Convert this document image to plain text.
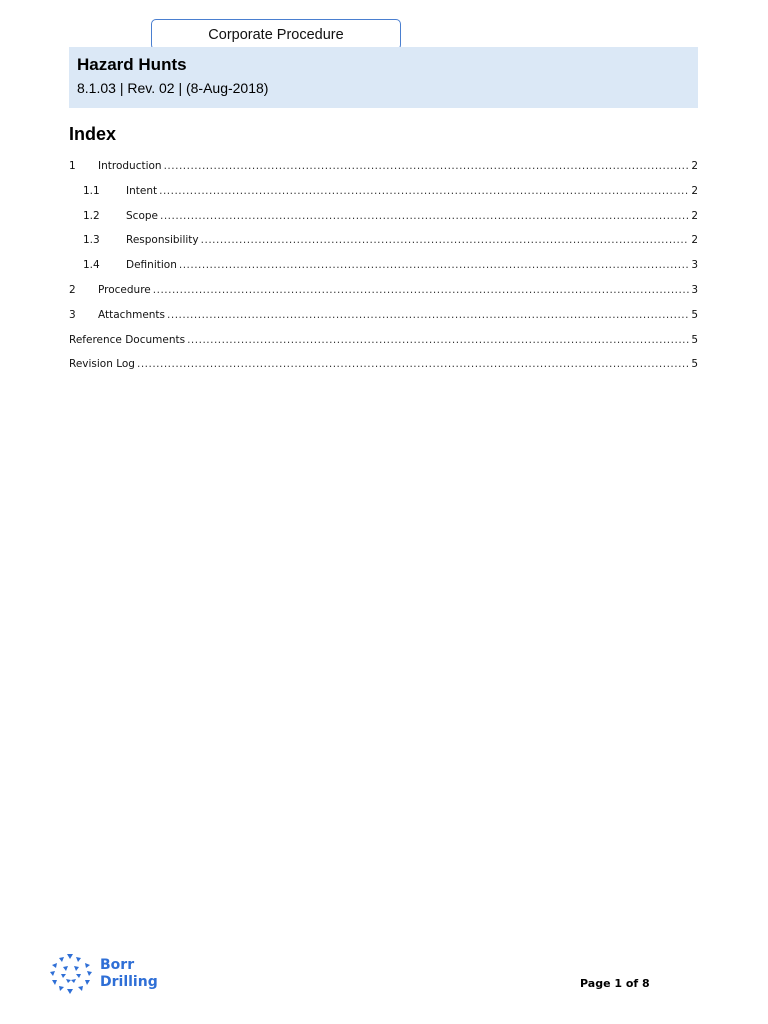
Corporate Procedure
Hazard Hunts
8.1.03 | Rev. 02 | (8-Aug-2018)
Index
1	Introduction .....	2
1.1	Intent .....	2
1.2	Scope .....	2
1.3	Responsibility .....	2
1.4	Definition .....	3
2	Procedure .....	3
3	Attachments .....	5
Reference Documents .....	5
Revision Log .....	5
Borr
Drilling	Page 1 of 8
